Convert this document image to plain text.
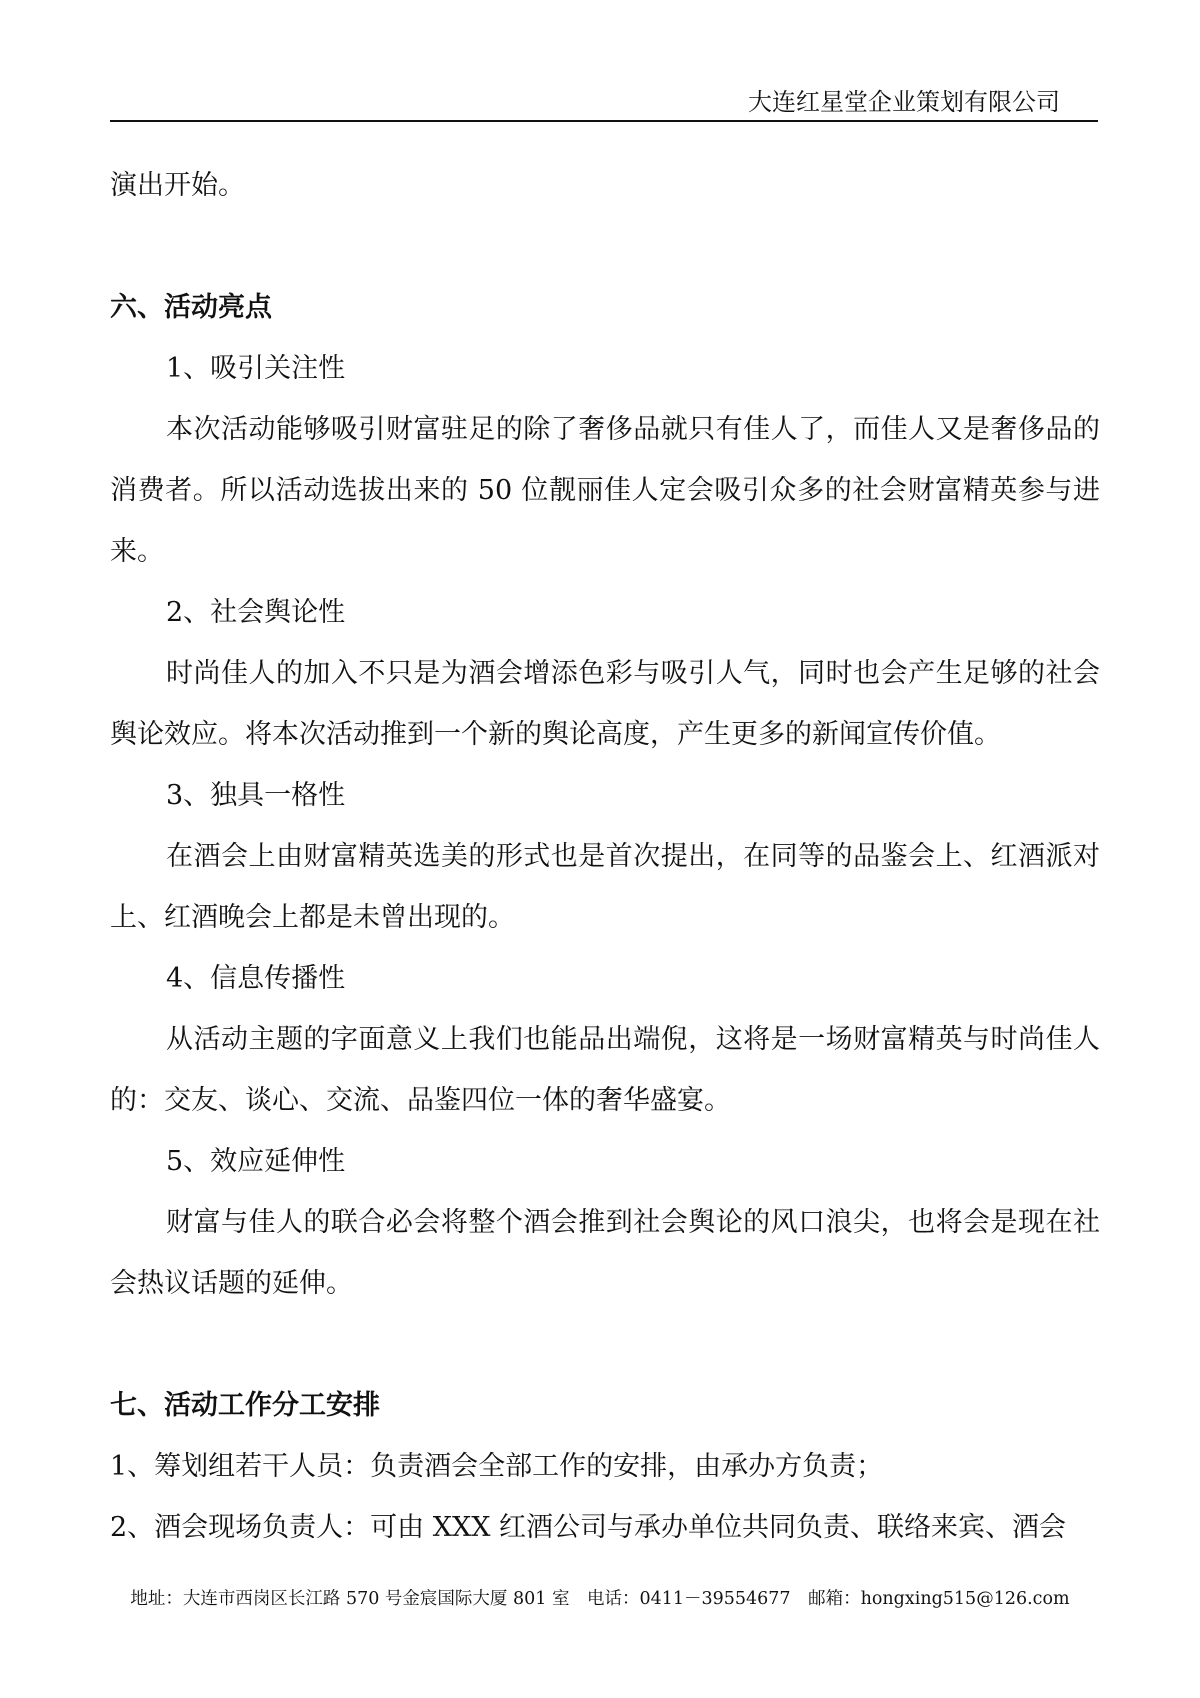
大连红星堂企业策划有限公司

演出开始。

六、活动亮点

1、吸引关注性

本次活动能够吸引财富驻足的除了奢侈品就只有佳人了，而佳人又是奢侈品的消费者。所以活动选拔出来的 50 位靓丽佳人定会吸引众多的社会财富精英参与进来。

2、社会舆论性

时尚佳人的加入不只是为酒会增添色彩与吸引人气，同时也会产生足够的社会舆论效应。将本次活动推到一个新的舆论高度，产生更多的新闻宣传价值。

3、独具一格性

在酒会上由财富精英选美的形式也是首次提出，在同等的品鉴会上、红酒派对上、红酒晚会上都是未曾出现的。

4、信息传播性

从活动主题的字面意义上我们也能品出端倪，这将是一场财富精英与时尚佳人的：交友、谈心、交流、品鉴四位一体的奢华盛宴。

5、效应延伸性

财富与佳人的联合必会将整个酒会推到社会舆论的风口浪尖，也将会是现在社会热议话题的延伸。

七、活动工作分工安排

1、筹划组若干人员：负责酒会全部工作的安排，由承办方负责；

2、酒会现场负责人：可由 XXX 红酒公司与承办单位共同负责、联络来宾、酒会

地址：大连市西岗区长江路 570 号金宸国际大厦 801 室　电话：0411－39554677　邮箱：hongxing515@126.com
